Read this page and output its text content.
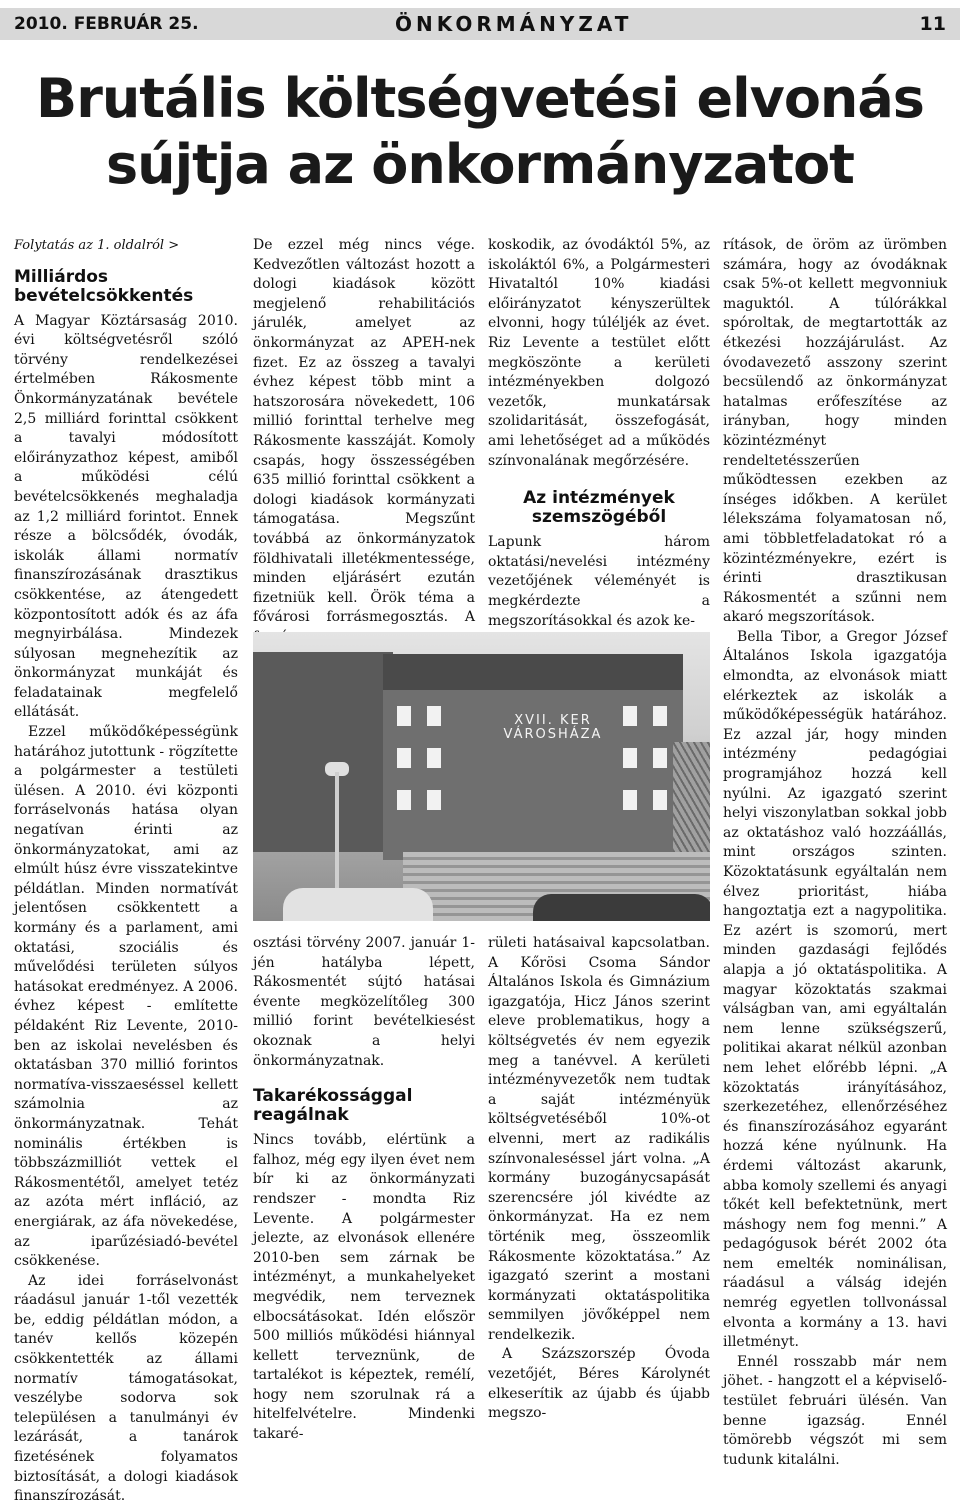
2010. FEBRUÁR 25.	ÖNKORMÁNYZAT	11
Brutális költségvetési elvonás
sújtja az önkormányzatot
Folytatás az 1. oldalról >
Milliárdos bevételcsökkentés

A Magyar Köztársaság 2010. évi költségvetésről szóló törvény rendelkezései értelmében Rákosmente Önkormányzatának bevétele 2,5 milliárd forinttal csökkent a tavalyi módosított előirányzathoz képest, amiből a működési célú bevételcsökkenés meghaladja az 1,2 milliárd forintot. Ennek része a bölcsődék, óvodák, iskolák állami normatív finanszírozásának drasztikus csökkentése, az átengedett központosított adók és az áfa megnyirbálása. Mindezek súlyosan megnehezítik az önkormányzat munkáját és feladatainak megfelelő ellátását.

Ezzel működőképességünk határához jutottunk - rögzítette a polgármester a testületi ülésen. A 2010. évi központi forráselvonás hatása olyan negatívan érinti az önkormányzatokat, ami az elmúlt húsz évre visszatekintve példátlan. Minden normatívát jelentősen csökkentett a kormány és a parlament, ami oktatási, szociális és művelődési területen súlyos hatásokat eredményez. A 2006. évhez képest - említette példaként Riz Levente, 2010-ben az iskolai nevelésben és oktatásban 370 millió forintos normatíva-visszaeséssel kellett számolnia az önkormányzatnak. Tehát nominális értékben is többszázmilliót vettek el Rákosmentétől, amelyet tetéz az azóta mért infláció, az energiárak, az áfa növekedése, az iparűzésiadó-bevétel csökkenése.

Az idei forráselvonást ráadásul január 1-től vezették be, eddig példátlan módon, a tanév kellős közepén csökkentették az állami normatív támogatásokat, veszélybe sodorva sok településen a tanulmányi év lezárását, a tanárok fizetésének folyamatos biztosítását, a dologi kiadások finanszírozását.

De ezzel még nincs vége. Kedvezőtlen változást hozott a dologi kiadások között megjelenő rehabilitációs járulék, amelyet az önkormányzat az APEH-nek fizet. Ez az összeg a tavalyi évhez képest több mint a hatszorosára növekedett, 106 millió forinttal terhelve meg Rákosmente kasszáját. Komoly csapás, hogy összességében 635 millió forinttal csökkent a dologi kiadások kormányzati támogatása. Megszűnt továbbá az önkormányzatok földhivatali illetékmentessége, minden eljárásért ezután fizetniük kell. Örök téma a fővárosi forrásmegosztás. A

koskodik, az óvodáktól 5%, az iskoláktól 6%, a Polgármesteri Hivataltól 10% kiadási előirányzatot kényszerültek elvonni, hogy túléljék az évet. Riz Levente a testület előtt megköszönte a kerületi intézményekben dolgozó vezetők, munkatársak szolidaritását, összefogását, ami lehetőséget ad a működés színvonalának megőrzésére.

Az intézmények szemszögéből

Lapunk három oktatási/nevelési intézmény vezetőjének véleményét is megkérdezte a megszorításokkal és azok ke-

XVII. KER
VÁROSHÁZA

osztási törvény 2007. január 1-jén hatályba lépett, Rákosmentét sújtó hatásai évente megközelítőleg 300 millió forint bevételkiesést okoznak a helyi önkormányzatnak.

Takarékossággal reagálnak

Nincs tovább, elértünk a falhoz, még egy ilyen évet nem bír ki az önkormányzati rendszer - mondta Riz Levente. A polgármester jelezte, az elvonások ellenére 2010-ben sem zárnak be intézményt, a munkahelyeket megvédik, nem terveznek elbocsátásokat. Idén először 500 milliós működési hiánnyal kellett terveznünk, de tartalékot is képeztek, remélí, hogy nem szorulnak rá a hitelfelvételre. Mindenki takaré-

rületi hatásaival kapcsolatban. A Kőrösi Csoma Sándor Általános Iskola és Gimnázium igazgatója, Hicz János szerint eleve problematikus, hogy a költségvetés év nem egyezik meg a tanévvel. A kerületi intézményvezetők nem tudtak a saját intézményük költségvetéséből 10%-ot elvenni, mert az radikális színvonaleséssel járt volna. „A kormány buzogánycsapását szerencsére jól kivédte az önkormányzat. Ha ez nem történik meg, összeomlik Rákosmente közoktatása.” Az igazgató szerint a mostani kormányzati oktatáspolitika semmilyen jövőképpel nem rendelkezik.

A Százszorszép Óvoda vezetőjét, Béres Károlynét elkeserítik az újabb és újabb megszo-

rítások, de öröm az ürömben számára, hogy az óvodáknak csak 5%-ot kellett megvonniuk maguktól. A túlórákkal spóroltak, de megtartották az étkezési hozzájárulást. Az óvodavezető asszony szerint becsülendő az önkormányzat hatalmas erőfeszítése az irányban, hogy minden közintézményt rendeltetésszerűen működtessen ezekben az ínséges időkben. A kerület lélekszáma folyamatosan nő, ami többletfeladatokat ró a közintézményekre, ezért is érinti drasztikusan Rákosmentét a szűnni nem akaró megszorítások.

Bella Tibor, a Gregor József Általános Iskola igazgatója elmondta, az elvonások miatt elérkeztek az iskolák a működőképességük határához. Ez azzal jár, hogy minden intézmény pedagógiai programjához hozzá kell nyúlni. Az igazgató szerint helyi viszonylatban sokkal jobb az oktatáshoz való hozzáállás, mint országos szinten. Közoktatásunk egyáltalán nem élvez prioritást, hiába hangoztatja ezt a nagypolitika. Ez azért is szomorú, mert minden gazdasági fejlődés alapja a jó oktatáspolitika. A magyar közoktatás szakmai válságban van, ami egyáltalán nem lenne szükségszerű, politikai akarat nélkül azonban nem lehet előrébb lépni. „A közoktatás irányításához, szerkezetéhez, ellenőrzéséhez és finanszírozásához egyaránt hozzá kéne nyúlnunk. Ha érdemi változást akarunk, abba komoly szellemi és anyagi tőkét kell befektetnünk, mert máshogy nem fog menni.” A pedagógusok bérét 2002 óta nem emelték nominálisan, ráadásul a válság idején nemrég egyetlen tollvonással elvonta a kormány a 13. havi illetményt.

Ennél rosszabb már nem jöhet. - hangzott el a képviselő-testület februári ülésén. Van benne igazság. Ennél tömörebb végszót mi sem tudunk kitalálni.
